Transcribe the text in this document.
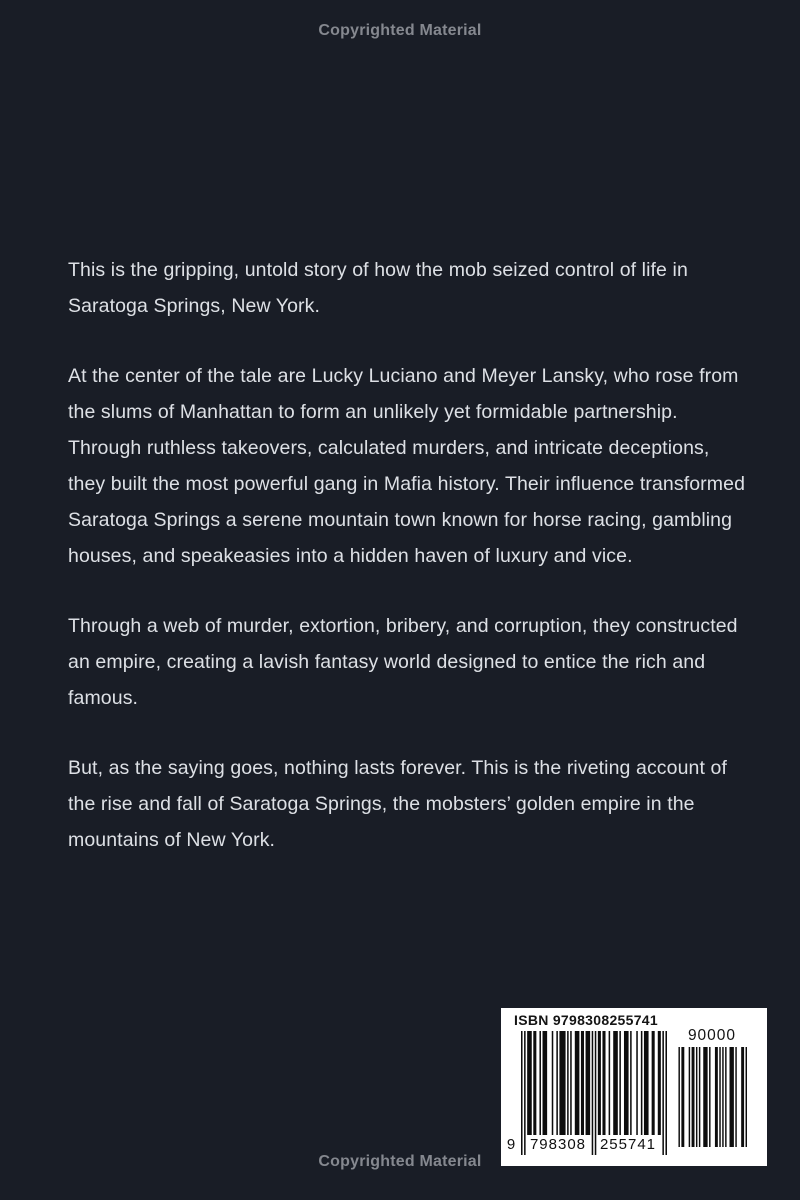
Copyrighted Material

This is the gripping, untold story of how the mob seized control of life in Saratoga Springs, New York.

At the center of the tale are Lucky Luciano and Meyer Lansky, who rose from the slums of Manhattan to form an unlikely yet formidable partnership. Through ruthless takeovers, calculated murders, and intricate deceptions, they built the most powerful gang in Mafia history. Their influence transformed Saratoga Springs a serene mountain town known for horse racing, gambling houses, and speakeasies into a hidden haven of luxury and vice.

Through a web of murder, extortion, bribery, and corruption, they constructed an empire, creating a lavish fantasy world designed to entice the rich and famous.

But, as the saying goes, nothing lasts forever. This is the riveting account of the rise and fall of Saratoga Springs, the mobsters’ golden empire in the mountains of New York.

ISBN 9798308255741
9 798308 255741
90000
Copyrighted Material
